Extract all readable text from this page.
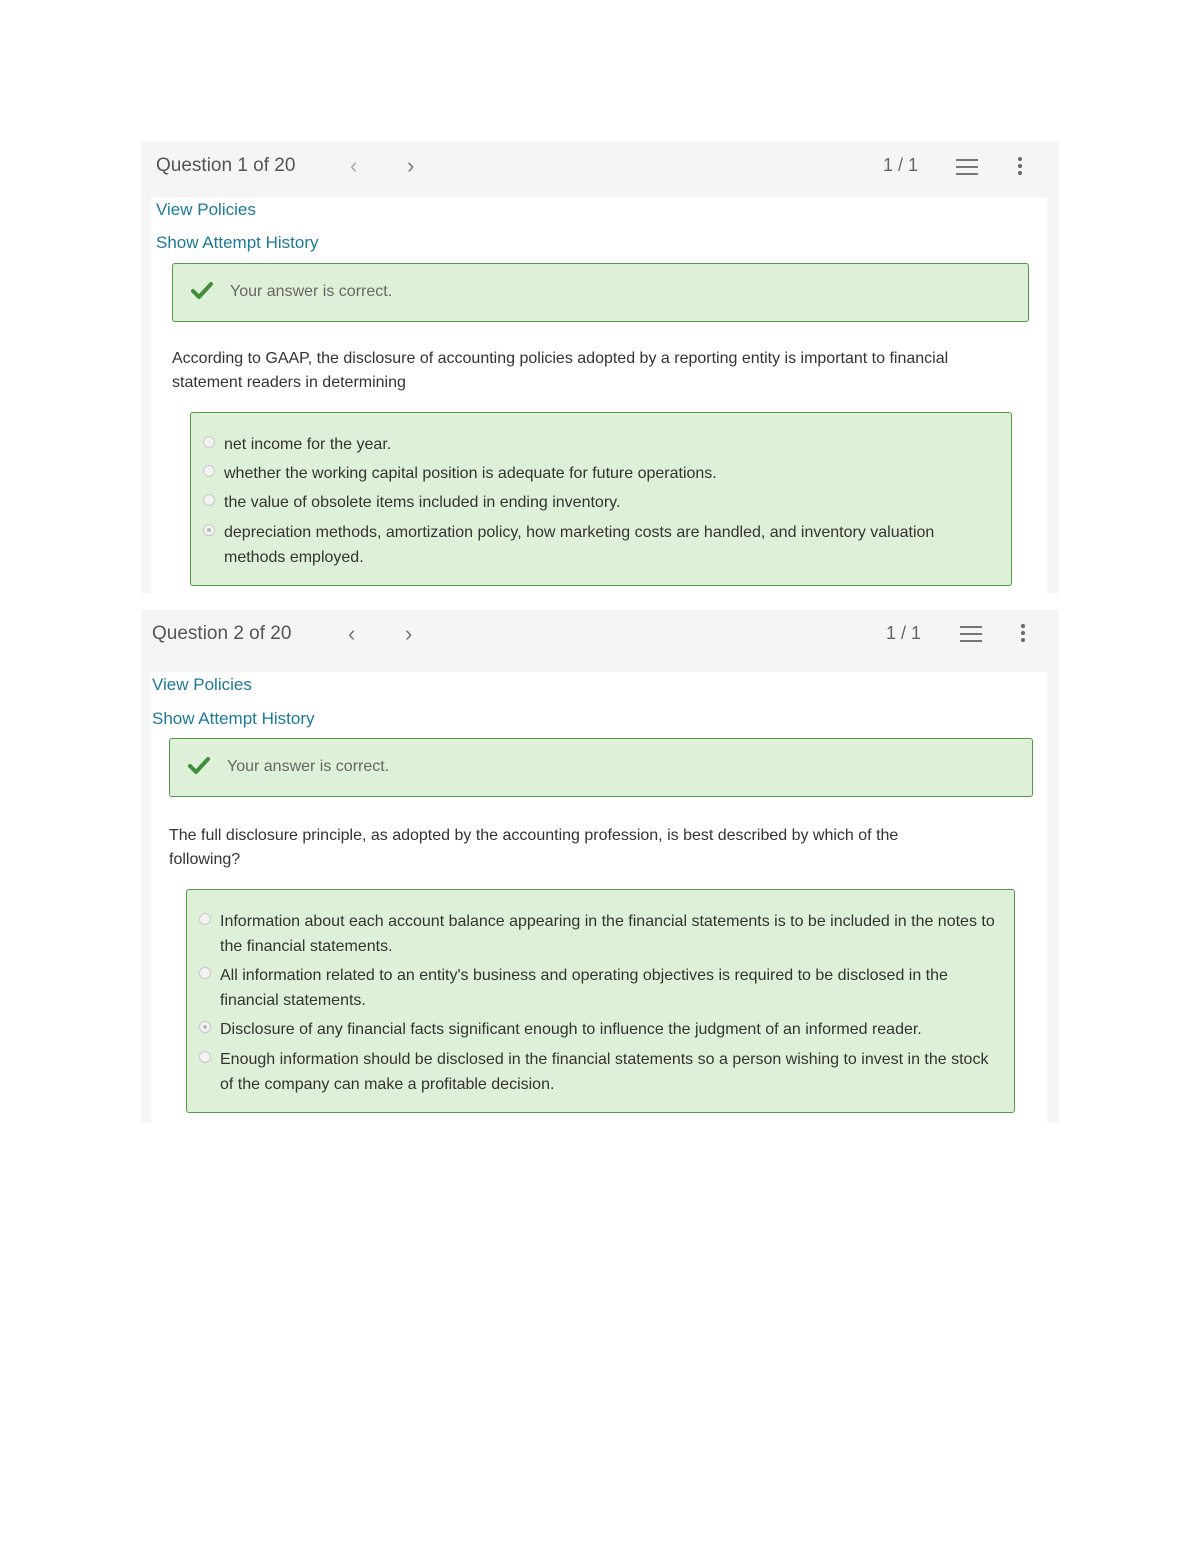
Question 1 of 20 ‹ ›	1 / 1
View Policies
Show Attempt History
Your answer is correct.
According to GAAP, the disclosure of accounting policies adopted by a reporting entity is important to financial statement readers in determining
net income for the year.
whether the working capital position is adequate for future operations.
the value of obsolete items included in ending inventory.
depreciation methods, amortization policy, how marketing costs are handled, and inventory valuation methods employed.
Question 2 of 20	‹ ›	1 / 1
View Policies
Show Attempt History
Your answer is correct.
The full disclosure principle, as adopted by the accounting profession, is best described by which of the following?
Information about each account balance appearing in the financial statements is to be included in the notes to the financial statements.
All information related to an entity's business and operating objectives is required to be disclosed in the financial statements.
Disclosure of any financial facts significant enough to influence the judgment of an informed reader.
Enough information should be disclosed in the financial statements so a person wishing to invest in the stock of the company can make a profitable decision.
